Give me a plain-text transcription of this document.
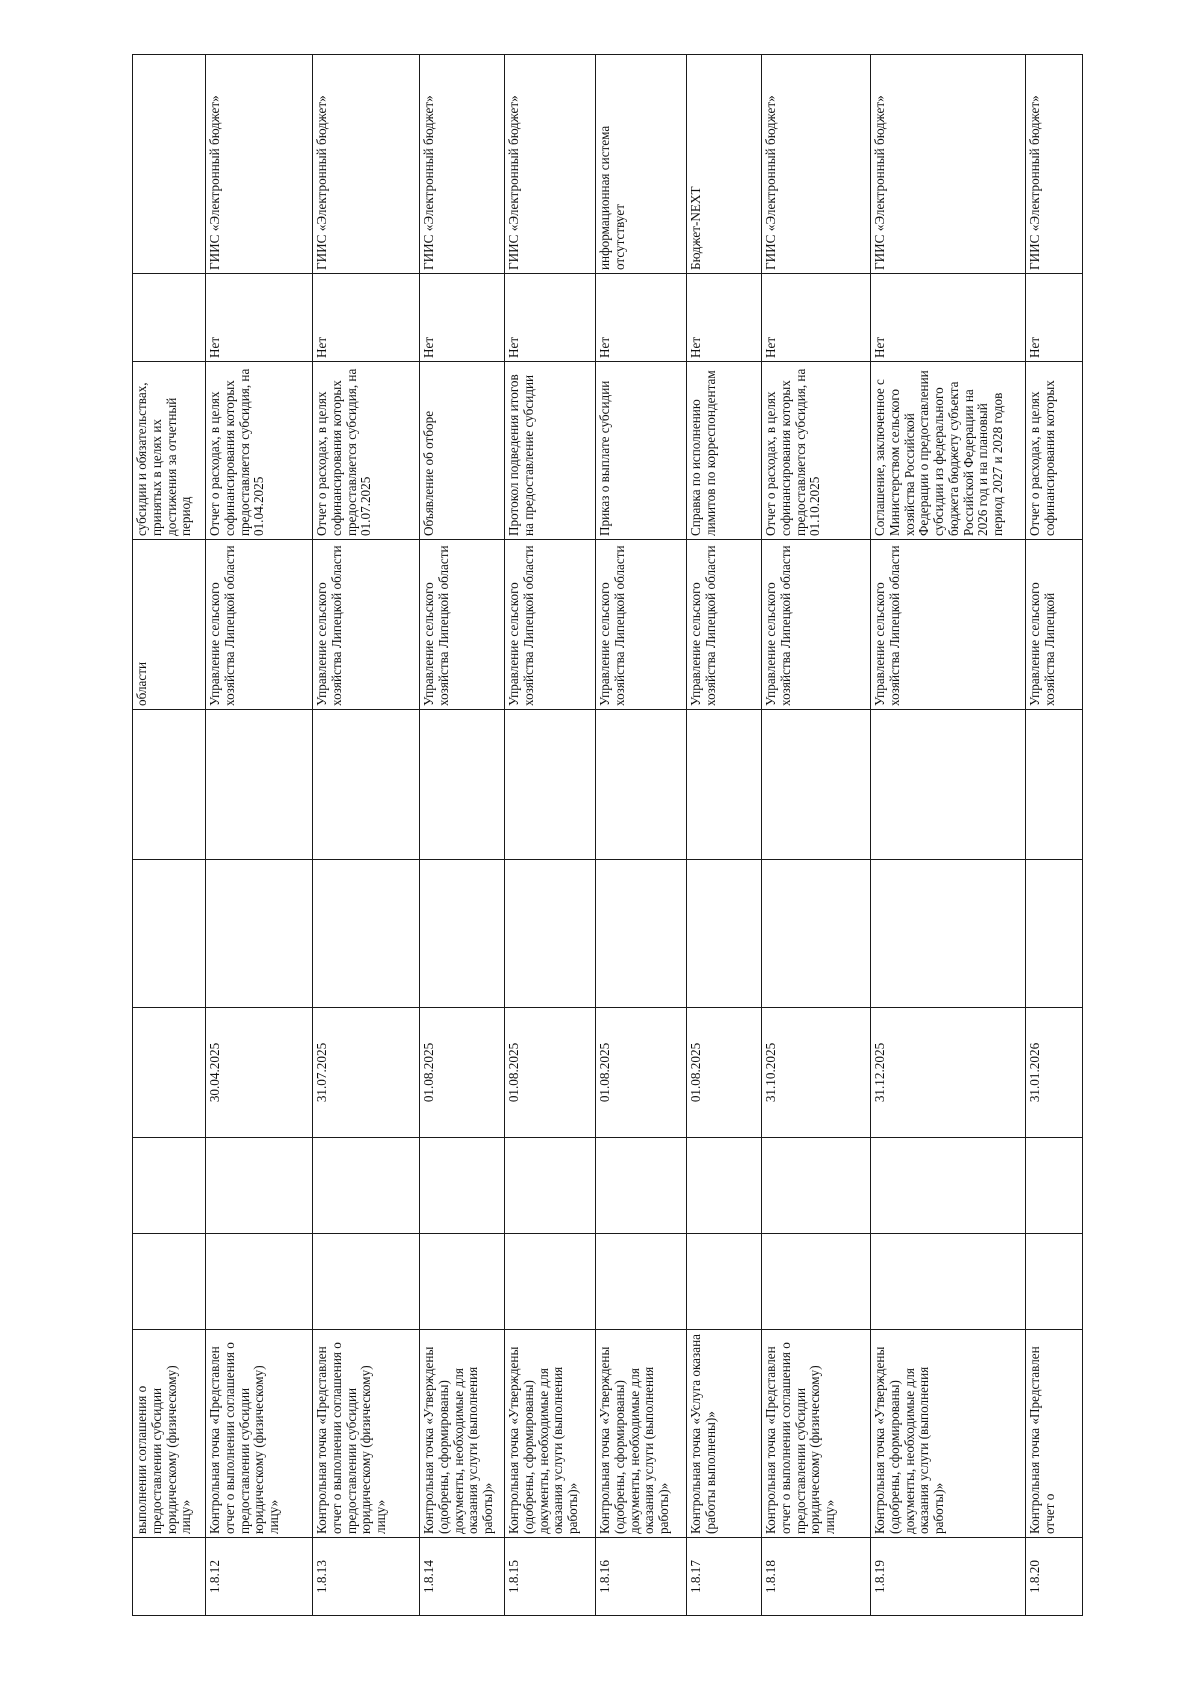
	выполнении соглашения о предоставлении субсидии юридическому (физическому) лицу»						области	субсидии и обязательствах, принятых в целях их достижения за отчетный период		
1.8.12	Контрольная точка «Представлен отчет о выполнении соглашения о предоставлении субсидии юридическому (физическому) лицу»			30.04.2025			Управление сельского хозяйства Липецкой области	Отчет о расходах, в целях софинансирования которых предоставляется субсидия, на 01.04.2025	Нет	ГИИС «Электронный бюджет»
1.8.13	Контрольная точка «Представлен отчет о выполнении соглашения о предоставлении субсидии юридическому (физическому) лицу»			31.07.2025			Управление сельского хозяйства Липецкой области	Отчет о расходах, в целях софинансирования которых предоставляется субсидия, на 01.07.2025	Нет	ГИИС «Электронный бюджет»
1.8.14	Контрольная точка «Утверждены (одобрены, сформированы) документы, необходимые для оказания услуги (выполнения работы)»			01.08.2025			Управление сельского хозяйства Липецкой области	Объявление об отборе	Нет	ГИИС «Электронный бюджет»
1.8.15	Контрольная точка «Утверждены (одобрены, сформированы) документы, необходимые для оказания услуги (выполнения работы)»			01.08.2025			Управление сельского хозяйства Липецкой области	Протокол подведения итогов на предоставление субсидии	Нет	ГИИС «Электронный бюджет»
1.8.16	Контрольная точка «Утверждены (одобрены, сформированы) документы, необходимые для оказания услуги (выполнения работы)»			01.08.2025			Управление сельского хозяйства Липецкой области	Приказ о выплате субсидии	Нет	информационная система отсутствует
1.8.17	Контрольная точка «Услуга оказана (работы выполнены)»			01.08.2025			Управление сельского хозяйства Липецкой области	Справка по исполнению лимитов по корреспондентам	Нет	Бюджет-NEXT
1.8.18	Контрольная точка «Представлен отчет о выполнении соглашения о предоставлении субсидии юридическому (физическому) лицу»			31.10.2025			Управление сельского хозяйства Липецкой области	Отчет о расходах, в целях софинансирования которых предоставляется субсидия, на 01.10.2025	Нет	ГИИС «Электронный бюджет»
1.8.19	Контрольная точка «Утверждены (одобрены, сформированы) документы, необходимые для оказания услуги (выполнения работы)»			31.12.2025			Управление сельского хозяйства Липецкой области	Соглашение, заключенное с Министерством сельского хозяйства Российской Федерации о предоставлении субсидии из федерального бюджета бюджету субъекта Российской Федерации на 2026 год и на плановый период 2027 и 2028 годов	Нет	ГИИС «Электронный бюджет»
1.8.20	Контрольная точка «Представлен отчет о			31.01.2026			Управление сельского хозяйства Липецкой	Отчет о расходах, в целях софинансирования которых	Нет	ГИИС «Электронный бюджет»
